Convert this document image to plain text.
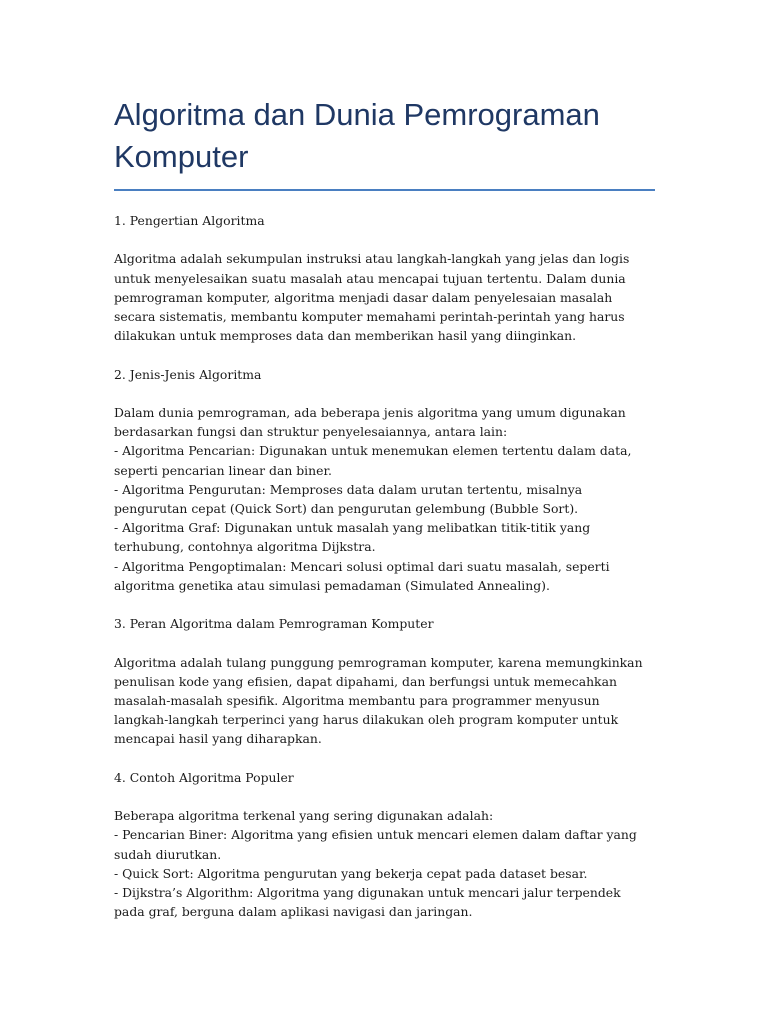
Algoritma dan Dunia Pemrograman Komputer

1. Pengertian Algoritma

Algoritma adalah sekumpulan instruksi atau langkah-langkah yang jelas dan logis untuk menyelesaikan suatu masalah atau mencapai tujuan tertentu. Dalam dunia pemrograman komputer, algoritma menjadi dasar dalam penyelesaian masalah secara sistematis, membantu komputer memahami perintah-perintah yang harus dilakukan untuk memproses data dan memberikan hasil yang diinginkan.

2. Jenis-Jenis Algoritma

Dalam dunia pemrograman, ada beberapa jenis algoritma yang umum digunakan berdasarkan fungsi dan struktur penyelesaiannya, antara lain:

- Algoritma Pencarian: Digunakan untuk menemukan elemen tertentu dalam data, seperti pencarian linear dan biner.

- Algoritma Pengurutan: Memproses data dalam urutan tertentu, misalnya pengurutan cepat (Quick Sort) dan pengurutan gelembung (Bubble Sort).

- Algoritma Graf: Digunakan untuk masalah yang melibatkan titik-titik yang terhubung, contohnya algoritma Dijkstra.

- Algoritma Pengoptimalan: Mencari solusi optimal dari suatu masalah, seperti algoritma genetika atau simulasi pemadaman (Simulated Annealing).

3. Peran Algoritma dalam Pemrograman Komputer

Algoritma adalah tulang punggung pemrograman komputer, karena memungkinkan penulisan kode yang efisien, dapat dipahami, dan berfungsi untuk memecahkan masalah-masalah spesifik. Algoritma membantu para programmer menyusun langkah-langkah terperinci yang harus dilakukan oleh program komputer untuk mencapai hasil yang diharapkan.

4. Contoh Algoritma Populer

Beberapa algoritma terkenal yang sering digunakan adalah:

- Pencarian Biner: Algoritma yang efisien untuk mencari elemen dalam daftar yang sudah diurutkan.

- Quick Sort: Algoritma pengurutan yang bekerja cepat pada dataset besar.

- Dijkstra’s Algorithm: Algoritma yang digunakan untuk mencari jalur terpendek pada graf, berguna dalam aplikasi navigasi dan jaringan.
